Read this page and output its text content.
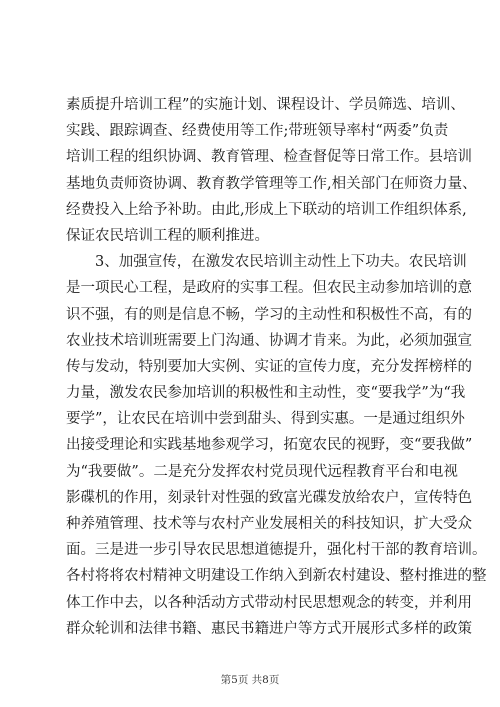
素质提升培训工程”的实施计划、课程设计、学员筛选、培训、
实践、跟踪调查、经费使用等工作;带班领导率村“两委”负责
培训工程的组织协调、教育管理、检查督促等日常工作。县培训
基地负责师资协调、教育教学管理等工作,相关部门在师资力量、
经费投入上给予补助。由此,形成上下联动的培训工作组织体系,
保证农民培训工程的顺利推进。
　　3、加强宣传，在激发农民培训主动性上下功夫。农民培训
是一项民心工程，是政府的实事工程。但农民主动参加培训的意
识不强，有的则是信息不畅，学习的主动性和积极性不高，有的
农业技术培训班需要上门沟通、协调才肯来。为此，必须加强宣
传与发动，特别要加大实例、实证的宣传力度，充分发挥榜样的
力量，激发农民参加培训的积极性和主动性，变“要我学”为“我
要学”，让农民在培训中尝到甜头、得到实惠。一是通过组织外
出接受理论和实践基地参观学习，拓宽农民的视野，变“要我做”
为“我要做”。二是充分发挥农村党员现代远程教育平台和电视
影碟机的作用，刻录针对性强的致富光碟发放给农户，宣传特色
种养殖管理、技术等与农村产业发展相关的科技知识，扩大受众
面。三是进一步引导农民思想道德提升，强化村干部的教育培训。
各村将将农村精神文明建设工作纳入到新农村建设、整村推进的整
体工作中去，以各种活动方式带动村民思想观念的转变，并利用
群众轮训和法律书籍、惠民书籍进户等方式开展形式多样的政策
第5页 共8页
